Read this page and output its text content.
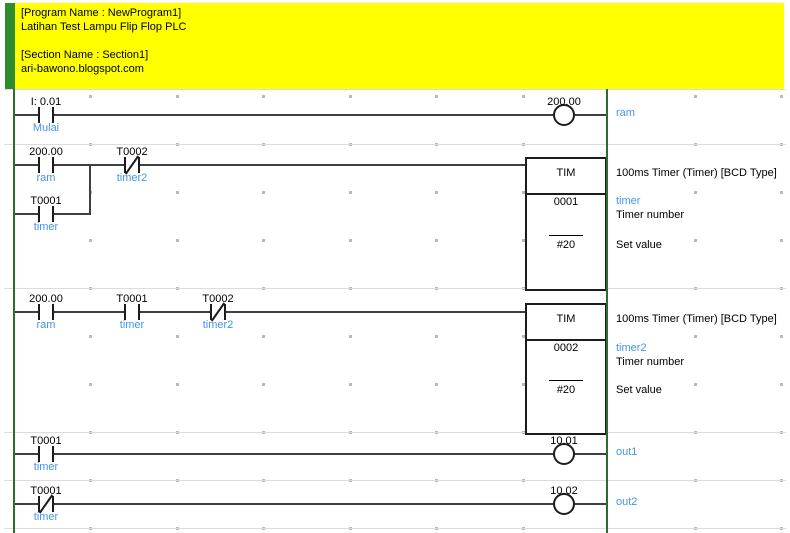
[Program Name : NewProgram1]
Latihan Test Lampu Flip Flop PLC
[Section Name : Section1]
ari-bawono.blogspot.com
I: 0.01
Mulai
200.00
ram
200.00
ram
T0002
timer2
T0001
timer
TIM
0001
#20
100ms Timer (Timer) [BCD Type]
timer
Timer number
Set value
200.00
ram
T0001
timer
T0002
timer2	TIM
0002
#20
100ms Timer (Timer) [BCD Type]
timer2
Timer number
Set value
T0001
timer
10.01
out1
T0001
timer
10.02
out2
